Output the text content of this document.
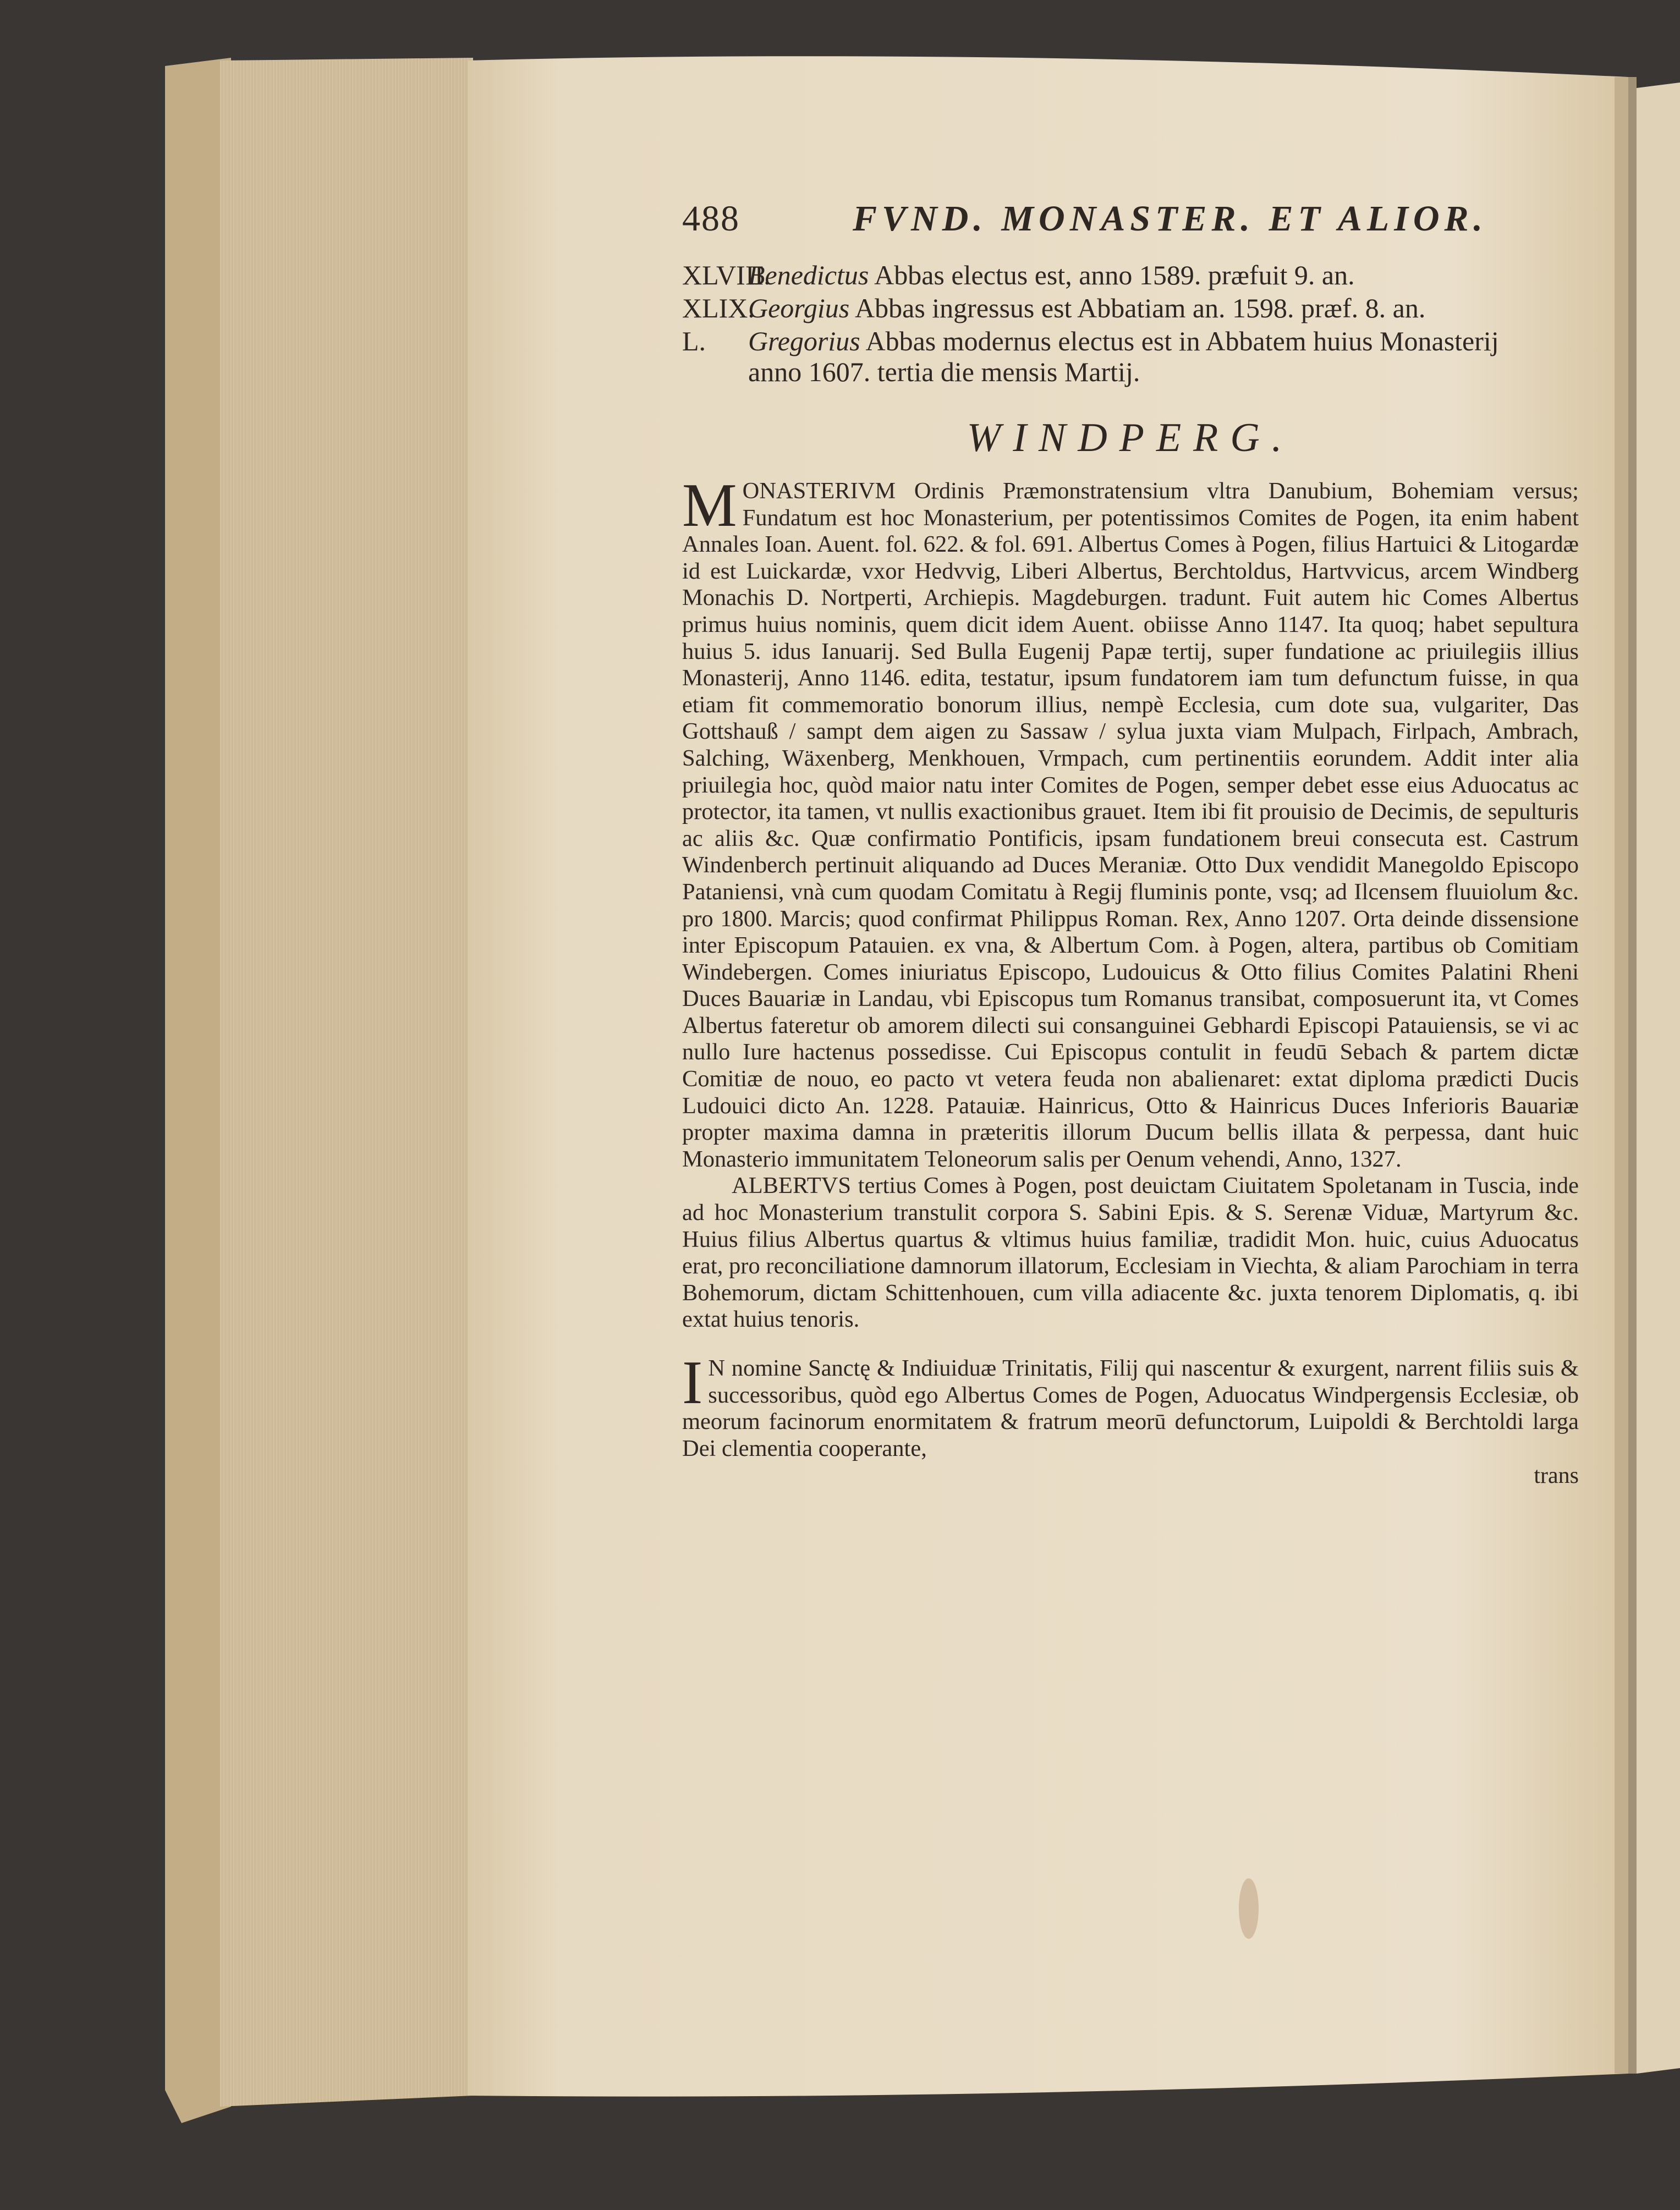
488	FVND. MONASTER. ET ALIOR.
XLVIII.Benedictus Abbas electus est, anno 1589. præfuit 9. an.
XLIX.Georgius Abbas ingressus est Abbatiam an. 1598. præf. 8. an.
L. Gregorius Abbas modernus electus est in Abbatem huius Monasterij
anno 1607. tertia die mensis Martij.
WINDPERG.

MONASTERIVM Ordinis Præmonstratensium vltra Danubium, Bohemiam versus; Fundatum est hoc Monasterium, per potentissimos Comites de Pogen, ita enim habent Annales Ioan. Auent. fol. 622. & fol. 691. Albertus Comes à Pogen, filius Hartuici & Litogardæ id est Luickardæ, vxor Hedvvig, Liberi Albertus, Berchtoldus, Hartvvicus, arcem Windberg Monachis D. Nortperti, Archiepis. Magdeburgen. tradunt. Fuit autem hic Comes Albertus primus huius nominis, quem dicit idem Auent. obiisse Anno 1147. Ita quoq; habet sepultura huius 5. idus Ianuarij. Sed Bulla Eugenij Papæ tertij, super fundatione ac priuilegiis illius Monasterij, Anno 1146. edita, testatur, ipsum fundatorem iam tum defunctum fuisse, in qua etiam fit commemoratio bonorum illius, nempè Ecclesia, cum dote sua, vulgariter, Das Gottshauß / sampt dem aigen zu Sassaw / sylua juxta viam Mulpach, Firlpach, Ambrach, Salching, Wäxenberg, Menkhouen, Vrmpach, cum pertinentiis eorundem. Addit inter alia priuilegia hoc, quòd maior natu inter Comites de Pogen, semper debet esse eius Aduocatus ac protector, ita tamen, vt nullis exactionibus grauet. Item ibi fit prouisio de Decimis, de sepulturis ac aliis &c. Quæ confirmatio Pontificis, ipsam fundationem breui consecuta est. Castrum Windenberch pertinuit aliquando ad Duces Meraniæ. Otto Dux vendidit Manegoldo Episcopo Pataniensi, vnà cum quodam Comitatu à Regij fluminis ponte, vsq; ad Ilcensem fluuiolum &c. pro 1800. Marcis; quod confirmat Philippus Roman. Rex, Anno 1207. Orta deinde dissensione inter Episcopum Patauien. ex vna, & Albertum Com. à Pogen, altera, partibus ob Comitiam Windebergen. Comes iniuriatus Episcopo, Ludouicus & Otto filius Comites Palatini Rheni Duces Bauariæ in Landau, vbi Episcopus tum Romanus transibat, composuerunt ita, vt Comes Albertus fateretur ob amorem dilecti sui consanguinei Gebhardi Episcopi Patauiensis, se vi ac nullo Iure hactenus possedisse. Cui Episcopus contulit in feudū Sebach & partem dictæ Comitiæ de nouo, eo pacto vt vetera feuda non abalienaret: extat diploma prædicti Ducis Ludouici dicto An. 1228. Patauiæ. Hainricus, Otto & Hainricus Duces Inferioris Bauariæ propter maxima damna in præteritis illorum Ducum bellis illata & perpessa, dant huic Monasterio immunitatem Teloneorum salis per Oenum vehendi, Anno, 1327.

ALBERTVS tertius Comes à Pogen, post deuictam Ciuitatem Spoletanam in Tuscia, inde ad hoc Monasterium transtulit corpora S. Sabini Epis. & S. Serenæ Viduæ, Martyrum &c. Huius filius Albertus quartus & vltimus huius familiæ, tradidit Mon. huic, cuius Aduocatus erat, pro reconciliatione damnorum illatorum, Ecclesiam in Viechta, & aliam Parochiam in terra Bohemorum, dictam Schittenhouen, cum villa adiacente &c. juxta tenorem Diplomatis, q. ibi extat huius tenoris.

I N nomine Sanctę & Indiuiduæ Trinitatis, Filij qui nascentur & exurgent, narrent filiis suis & successoribus, quòd ego Albertus Comes de Pogen, Aduocatus Windpergensis Ecclesiæ, ob meorum facinorum enormitatem & fratrum meorū defunctorum, Luipoldi & Berchtoldi larga Dei clementia cooperante,

trans
